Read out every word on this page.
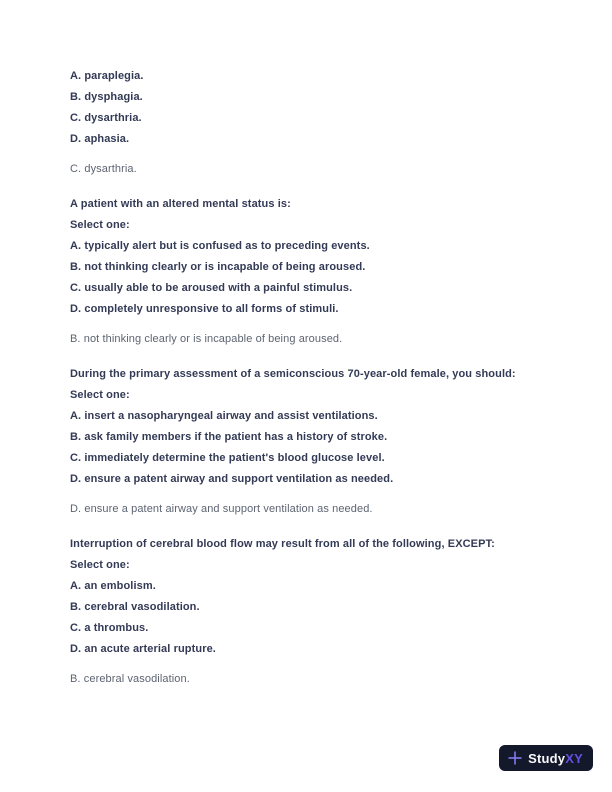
A. paraplegia.

B. dysphagia.

C. dysarthria.

D. aphasia.

C. dysarthria.

A patient with an altered mental status is:

Select one:

A. typically alert but is confused as to preceding events.

B. not thinking clearly or is incapable of being aroused.

C. usually able to be aroused with a painful stimulus.

D. completely unresponsive to all forms of stimuli.

B. not thinking clearly or is incapable of being aroused.

During the primary assessment of a semiconscious 70-year-old female, you should:

Select one:

A. insert a nasopharyngeal airway and assist ventilations.

B. ask family members if the patient has a history of stroke.

C. immediately determine the patient's blood glucose level.

D. ensure a patent airway and support ventilation as needed.

D. ensure a patent airway and support ventilation as needed.

Interruption of cerebral blood flow may result from all of the following, EXCEPT:

Select one:

A. an embolism.

B. cerebral vasodilation.

C. a thrombus.

D. an acute arterial rupture.

B. cerebral vasodilation.

StudyXY
